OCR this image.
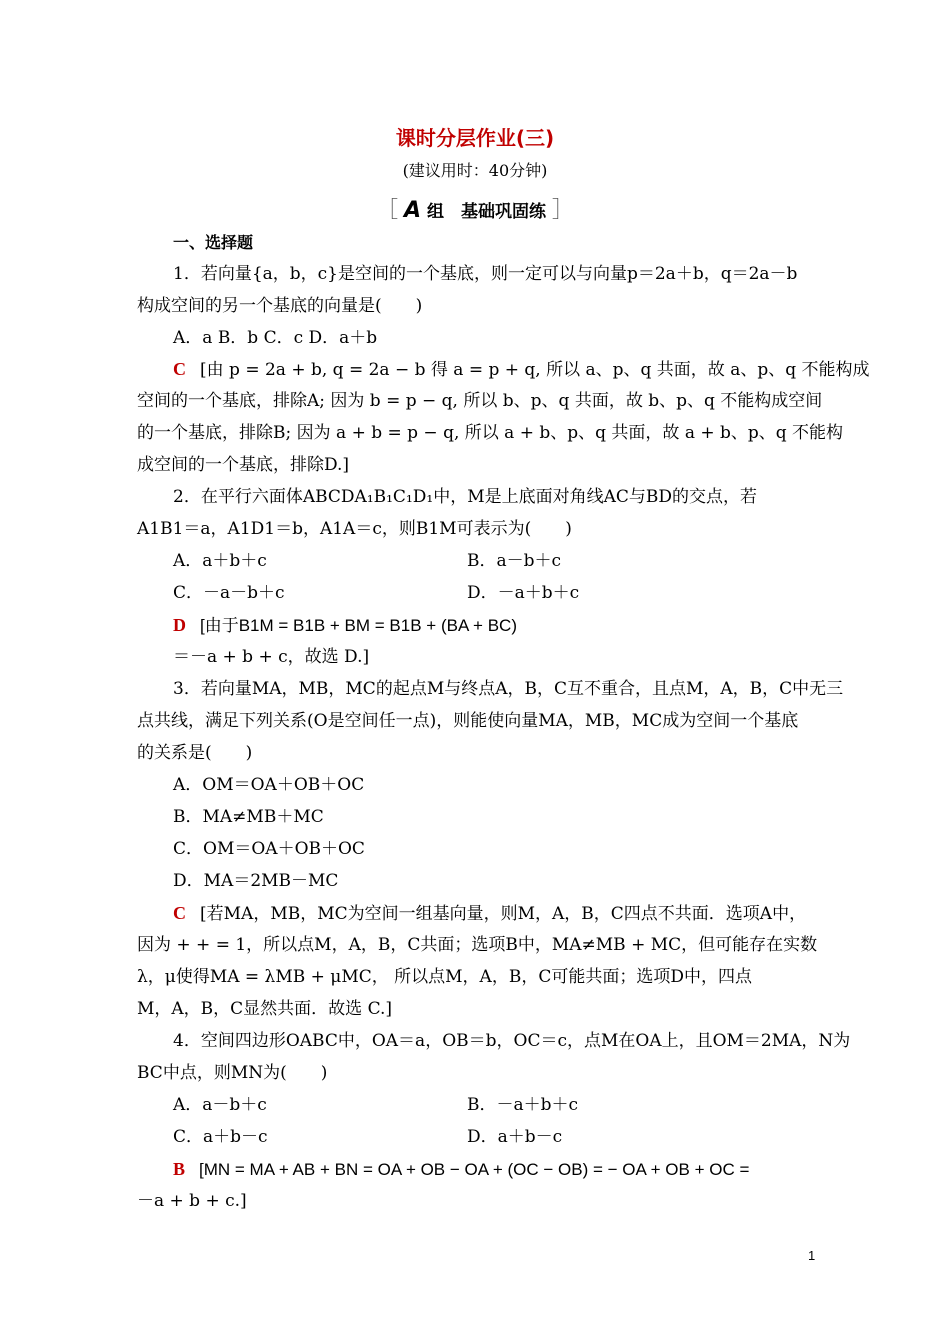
课时分层作业(三)
(建议用时：40分钟)
［ A 组　基础巩固练 ］
一、选择题
1．若向量{a，b，c}是空间的一个基底，则一定可以与向量p＝2a＋b，q＝2a－b
构成空间的另一个基底的向量是(　　)
A．a B．b C．c D．a＋b
C [由 p = 2a + b, q = 2a − b 得 a = p + q, 所以 a、p、q 共面，故 a、p、q 不能构成
空间的一个基底，排除A; 因为 b = p − q, 所以 b、p、q 共面，故 b、p、q 不能构成空间
的一个基底，排除B; 因为 a + b = p − q, 所以 a + b、p、q 共面，故 a + b、p、q 不能构
成空间的一个基底，排除D.]
2．在平行六面体ABCDA₁B₁C₁D₁中，M是上底面对角线AC与BD的交点，若
A1B1＝a，A1D1＝b，A1A＝c，则B1M可表示为(　　)
A．a＋b＋c	B．a－b＋c
C．－a－b＋c	D．－a＋b＋c
D [由于B1M = B1B + BM = B1B + (BA + BC)
＝－a + b + c，故选 D.]
3．若向量MA，MB，MC的起点M与终点A，B，C互不重合，且点M，A，B，C中无三
点共线，满足下列关系(O是空间任一点)，则能使向量MA，MB，MC成为空间一个基底
的关系是(　　)
A．OM＝OA＋OB＋OC
B．MA≠MB＋MC
C．OM＝OA＋OB＋OC
D．MA＝2MB－MC
C [若MA，MB，MC为空间一组基向量，则M，A，B，C四点不共面．选项A中，
因为 + + = 1，所以点M，A，B，C共面；选项B中，MA≠MB + MC，但可能存在实数
λ，μ使得MA = λMB + μMC， 所以点M，A，B，C可能共面；选项D中，四点
M，A，B，C显然共面．故选 C.]
4．空间四边形OABC中，OA＝a，OB＝b，OC＝c，点M在OA上，且OM＝2MA，N为
BC中点，则MN为(　　)
A．a－b＋c	B．－a＋b＋c
C．a＋b－c	D．a＋b－c
B [MN = MA + AB + BN = OA + OB − OA + (OC − OB) = − OA + OB + OC =
－a + b + c.]
1
